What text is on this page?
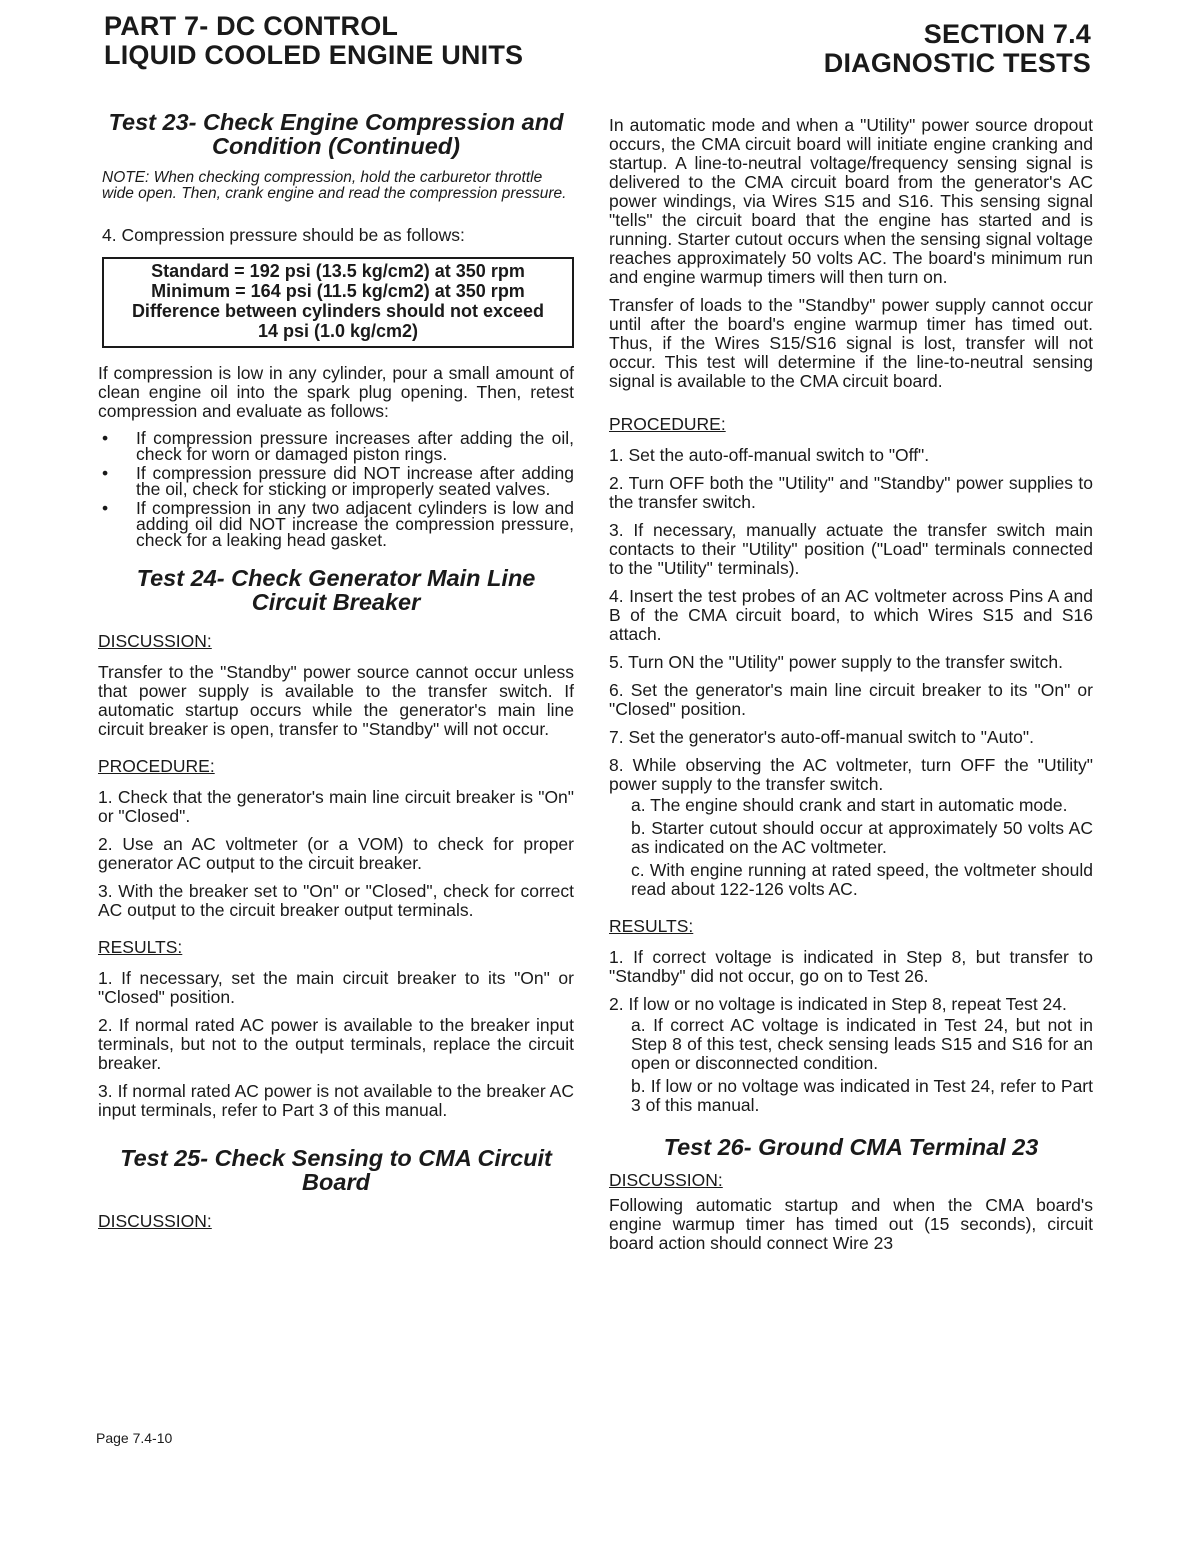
PART 7- DC CONTROL
LIQUID COOLED ENGINE UNITS
SECTION 7.4
DIAGNOSTIC TESTS
Test 23- Check Engine Compression and Condition (Continued)
NOTE: When checking compression, hold the carburetor throttle wide open. Then, crank engine and read the compression pressure.

4. Compression pressure should be as follows:

Standard = 192 psi (13.5 kg/cm2) at 350 rpm
Minimum = 164 psi (11.5 kg/cm2) at 350 rpm
Difference between cylinders should not exceed
14 psi (1.0 kg/cm2)

If compression is low in any cylinder, pour a small amount of clean engine oil into the spark plug opening. Then, retest compression and evaluate as follows:

• If compression pressure increases after adding the oil, check for worn or damaged piston rings.
• If compression pressure did NOT increase after adding the oil, check for sticking or improperly seated valves.
• If compression in any two adjacent cylinders is low and adding oil did NOT increase the compression pressure, check for a leaking head gasket.
Test 24- Check Generator Main Line Circuit Breaker
DISCUSSION:

Transfer to the "Standby" power source cannot occur unless that power supply is available to the transfer switch. If automatic startup occurs while the generator's main line circuit breaker is open, transfer to "Standby" will not occur.

PROCEDURE:

1. Check that the generator's main line circuit breaker is "On" or "Closed".

2. Use an AC voltmeter (or a VOM) to check for proper generator AC output to the circuit breaker.

3. With the breaker set to "On" or "Closed", check for correct AC output to the circuit breaker output terminals.

RESULTS:

1. If necessary, set the main circuit breaker to its "On" or "Closed" position.

2. If normal rated AC power is available to the breaker input terminals, but not to the output terminals, replace the circuit breaker.

3. If normal rated AC power is not available to the breaker AC input terminals, refer to Part 3 of this manual.

Test 25- Check Sensing to CMA Circuit Board
DISCUSSION:

In automatic mode and when a "Utility" power source dropout occurs, the CMA circuit board will initiate engine cranking and startup. A line-to-neutral voltage/frequency sensing signal is delivered to the CMA circuit board from the generator's AC power windings, via Wires S15 and S16. This sensing signal "tells" the circuit board that the engine has started and is running. Starter cutout occurs when the sensing signal voltage reaches approximately 50 volts AC. The board's minimum run and engine warmup timers will then turn on.

Transfer of loads to the "Standby" power supply cannot occur until after the board's engine warmup timer has timed out. Thus, if the Wires S15/S16 signal is lost, transfer will not occur. This test will determine if the line-to-neutral sensing signal is available to the CMA circuit board.

PROCEDURE:

1. Set the auto-off-manual switch to "Off".

2. Turn OFF both the "Utility" and "Standby" power supplies to the transfer switch.

3. If necessary, manually actuate the transfer switch main contacts to their "Utility" position ("Load" terminals connected to the "Utility" terminals).

4. Insert the test probes of an AC voltmeter across Pins A and B of the CMA circuit board, to which Wires S15 and S16 attach.

5. Turn ON the "Utility" power supply to the transfer switch.

6. Set the generator's main line circuit breaker to its "On" or "Closed" position.

7. Set the generator's auto-off-manual switch to "Auto".

8. While observing the AC voltmeter, turn OFF the "Utility" power supply to the transfer switch.

a. The engine should crank and start in automatic mode.
b. Starter cutout should occur at approximately 50 volts AC as indicated on the AC voltmeter.
c. With engine running at rated speed, the voltmeter should read about 122-126 volts AC.
RESULTS:

1. If correct voltage is indicated in Step 8, but transfer to "Standby" did not occur, go on to Test 26.

2. If low or no voltage is indicated in Step 8, repeat Test 24.

a. If correct AC voltage is indicated in Test 24, but not in Step 8 of this test, check sensing leads S15 and S16 for an open or disconnected condition.
b. If low or no voltage was indicated in Test 24, refer to Part 3 of this manual.
Test 26- Ground CMA Terminal 23
DISCUSSION:

Following automatic startup and when the CMA board's engine warmup timer has timed out (15 seconds), circuit board action should connect Wire 23

Page 7.4-10
